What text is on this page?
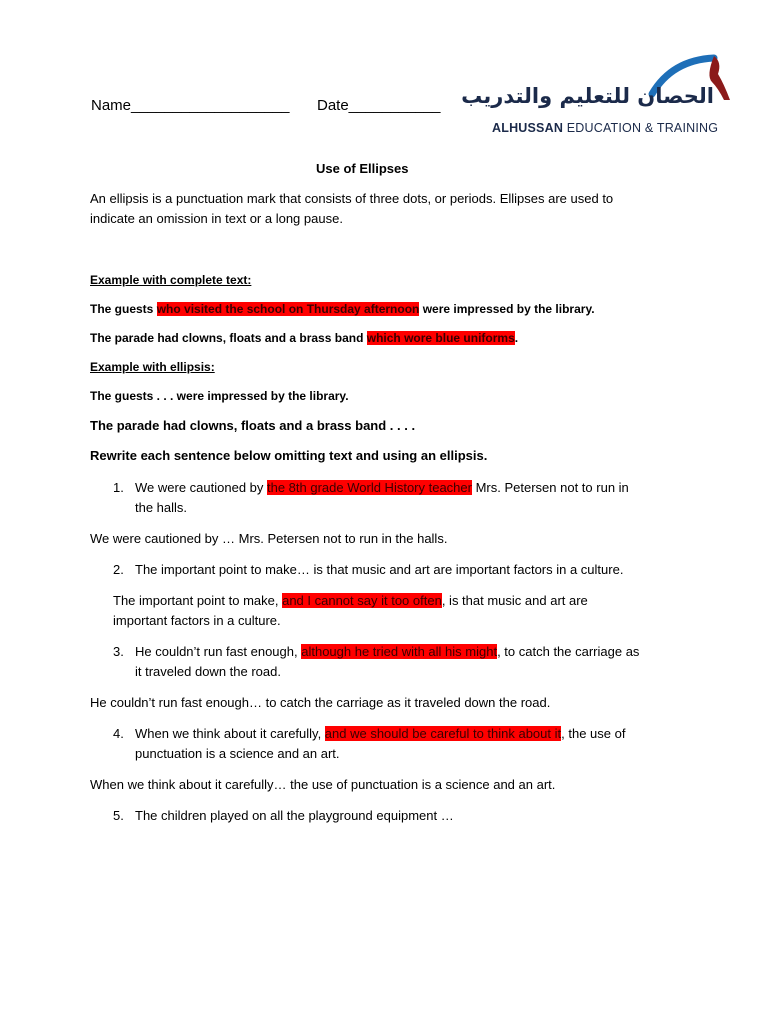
Name___________________ Date___________ الحصان للتعليم والتدريب
ALHUSSAN EDUCATION & TRAINING
Use of Ellipses
An ellipsis is a punctuation mark that consists of three dots, or periods. Ellipses are used to
indicate an omission in text or a long pause.
Example with complete text:
The guests who visited the school on Thursday afternoon were impressed by the library.
The parade had clowns, floats and a brass band which wore blue uniforms.
Example with ellipsis:
The guests . . . were impressed by the library.
The parade had clowns, floats and a brass band . . . .
Rewrite each sentence below omitting text and using an ellipsis.
1. We were cautioned by the 8th grade World History teacher Mrs. Petersen not to run in
the halls.
We were cautioned by … Mrs. Petersen not to run in the halls.
2. The important point to make… is that music and art are important factors in a culture.
The important point to make, and I cannot say it too often, is that music and art are
important factors in a culture.
3. He couldn’t run fast enough, although he tried with all his might, to catch the carriage as
it traveled down the road.
He couldn’t run fast enough… to catch the carriage as it traveled down the road.
4. When we think about it carefully, and we should be careful to think about it, the use of
punctuation is a science and an art.
When we think about it carefully… the use of punctuation is a science and an art.
5. The children played on all the playground equipment …
